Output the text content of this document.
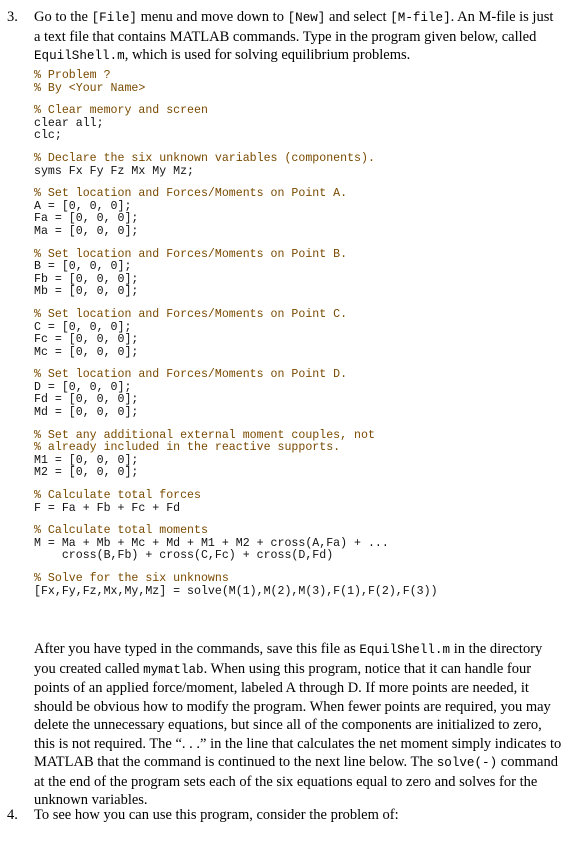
3. Go to the [File] menu and move down to [New] and select [M-file]. An M-file is just a text file that contains MATLAB commands. Type in the program given below, called EquilShell.m, which is used for solving equilibrium problems.
% Problem ?
% By <Your Name>
% Clear memory and screen
clear all;
clc;
% Declare the six unknown variables (components).
syms Fx Fy Fz Mx My Mz;
% Set location and Forces/Moments on Point A.
A = [0, 0, 0];
Fa = [0, 0, 0];
Ma = [0, 0, 0];
% Set location and Forces/Moments on Point B.
B = [0, 0, 0];
Fb = [0, 0, 0];
Mb = [0, 0, 0];
% Set location and Forces/Moments on Point C.
C = [0, 0, 0];
Fc = [0, 0, 0];
Mc = [0, 0, 0];
% Set location and Forces/Moments on Point D.
D = [0, 0, 0];
Fd = [0, 0, 0];
Md = [0, 0, 0];
% Set any additional external moment couples, not
% already included in the reactive supports.
M1 = [0, 0, 0];
M2 = [0, 0, 0];
% Calculate total forces
F = Fa + Fb + Fc + Fd
% Calculate total moments
M = Ma + Mb + Mc + Md + M1 + M2 + cross(A,Fa) + ...
cross(B,Fb) + cross(C,Fc) + cross(D,Fd)
% Solve for the six unknowns
[Fx,Fy,Fz,Mx,My,Mz] = solve(M(1),M(2),M(3),F(1),F(2),F(3))
After you have typed in the commands, save this file as EquilShell.m in the directory you created called mymatlab. When using this program, notice that it can handle four points of an applied force/moment, labeled A through D. If more points are needed, it should be obvious how to modify the program. When fewer points are required, you may delete the unnecessary equations, but since all of the components are initialized to zero, this is not required. The “. . .” in the line that calculates the net moment simply indicates to MATLAB that the command is continued to the next line below. The solve(-) command at the end of the program sets each of the six equations equal to zero and solves for the unknown variables.
4. To see how you can use this program, consider the problem of:
